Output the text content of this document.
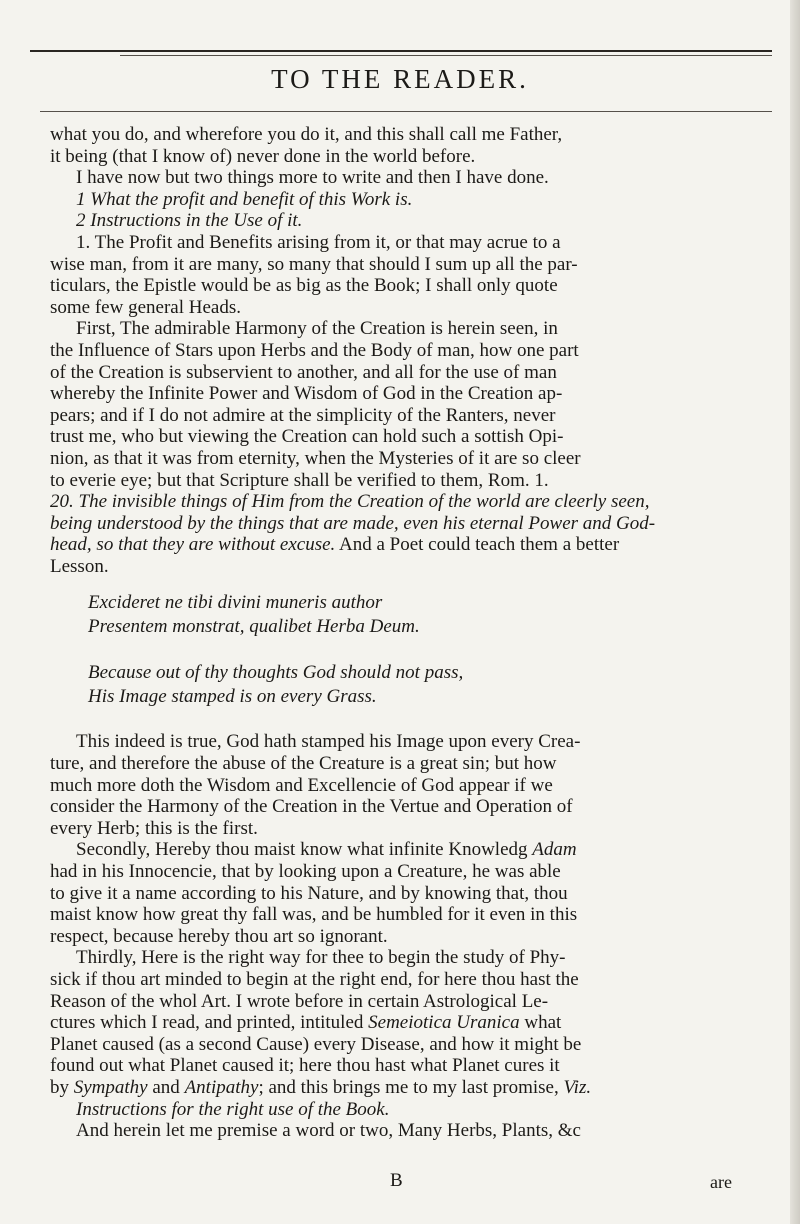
TO THE READER.

what you do, and wherefore you do it, and this shall call me Father,

it being (that I know of) never done in the world before.

I have now but two things more to write and then I have done.

1 What the profit and benefit of this Work is.

2 Instructions in the Use of it.

1. The Profit and Benefits arising from it, or that may acrue to a

wise man, from it are many, so many that should I sum up all the par-

ticulars, the Epistle would be as big as the Book; I shall only quote

some few general Heads.

First, The admirable Harmony of the Creation is herein seen, in

the Influence of Stars upon Herbs and the Body of man, how one part

of the Creation is subservient to another, and all for the use of man

whereby the Infinite Power and Wisdom of God in the Creation ap-

pears; and if I do not admire at the simplicity of the Ranters, never

trust me, who but viewing the Creation can hold such a sottish Opi-

nion, as that it was from eternity, when the Mysteries of it are so cleer

to everie eye; but that Scripture shall be verified to them, Rom. 1.

20. The invisible things of Him from the Creation of the world are cleerly seen,

being understood by the things that are made, even his eternal Power and God-

head, so that they are without excuse. And a Poet could teach them a better

Lesson.

Excideret ne tibi divini muneris author
Presentem monstrat, qualibet Herba Deum.
Because out of thy thoughts God should not pass,
His Image stamped is on every Grass.

This indeed is true, God hath stamped his Image upon every Crea-

ture, and therefore the abuse of the Creature is a great sin; but how

much more doth the Wisdom and Excellencie of God appear if we

consider the Harmony of the Creation in the Vertue and Operation of

every Herb; this is the first.

Secondly, Hereby thou maist know what infinite Knowledg Adam

had in his Innocencie, that by looking upon a Creature, he was able

to give it a name according to his Nature, and by knowing that, thou

maist know how great thy fall was, and be humbled for it even in this

respect, because hereby thou art so ignorant.

Thirdly, Here is the right way for thee to begin the study of Phy-

sick if thou art minded to begin at the right end, for here thou hast the

Reason of the whol Art. I wrote before in certain Astrological Le-

ctures which I read, and printed, intituled Semeiotica Uranica what

Planet caused (as a second Cause) every Disease, and how it might be

found out what Planet caused it; here thou hast what Planet cures it

by Sympathy and Antipathy; and this brings me to my last promise, Viz.

Instructions for the right use of the Book.

And herein let me premise a word or two, Many Herbs, Plants, &c

B	are
